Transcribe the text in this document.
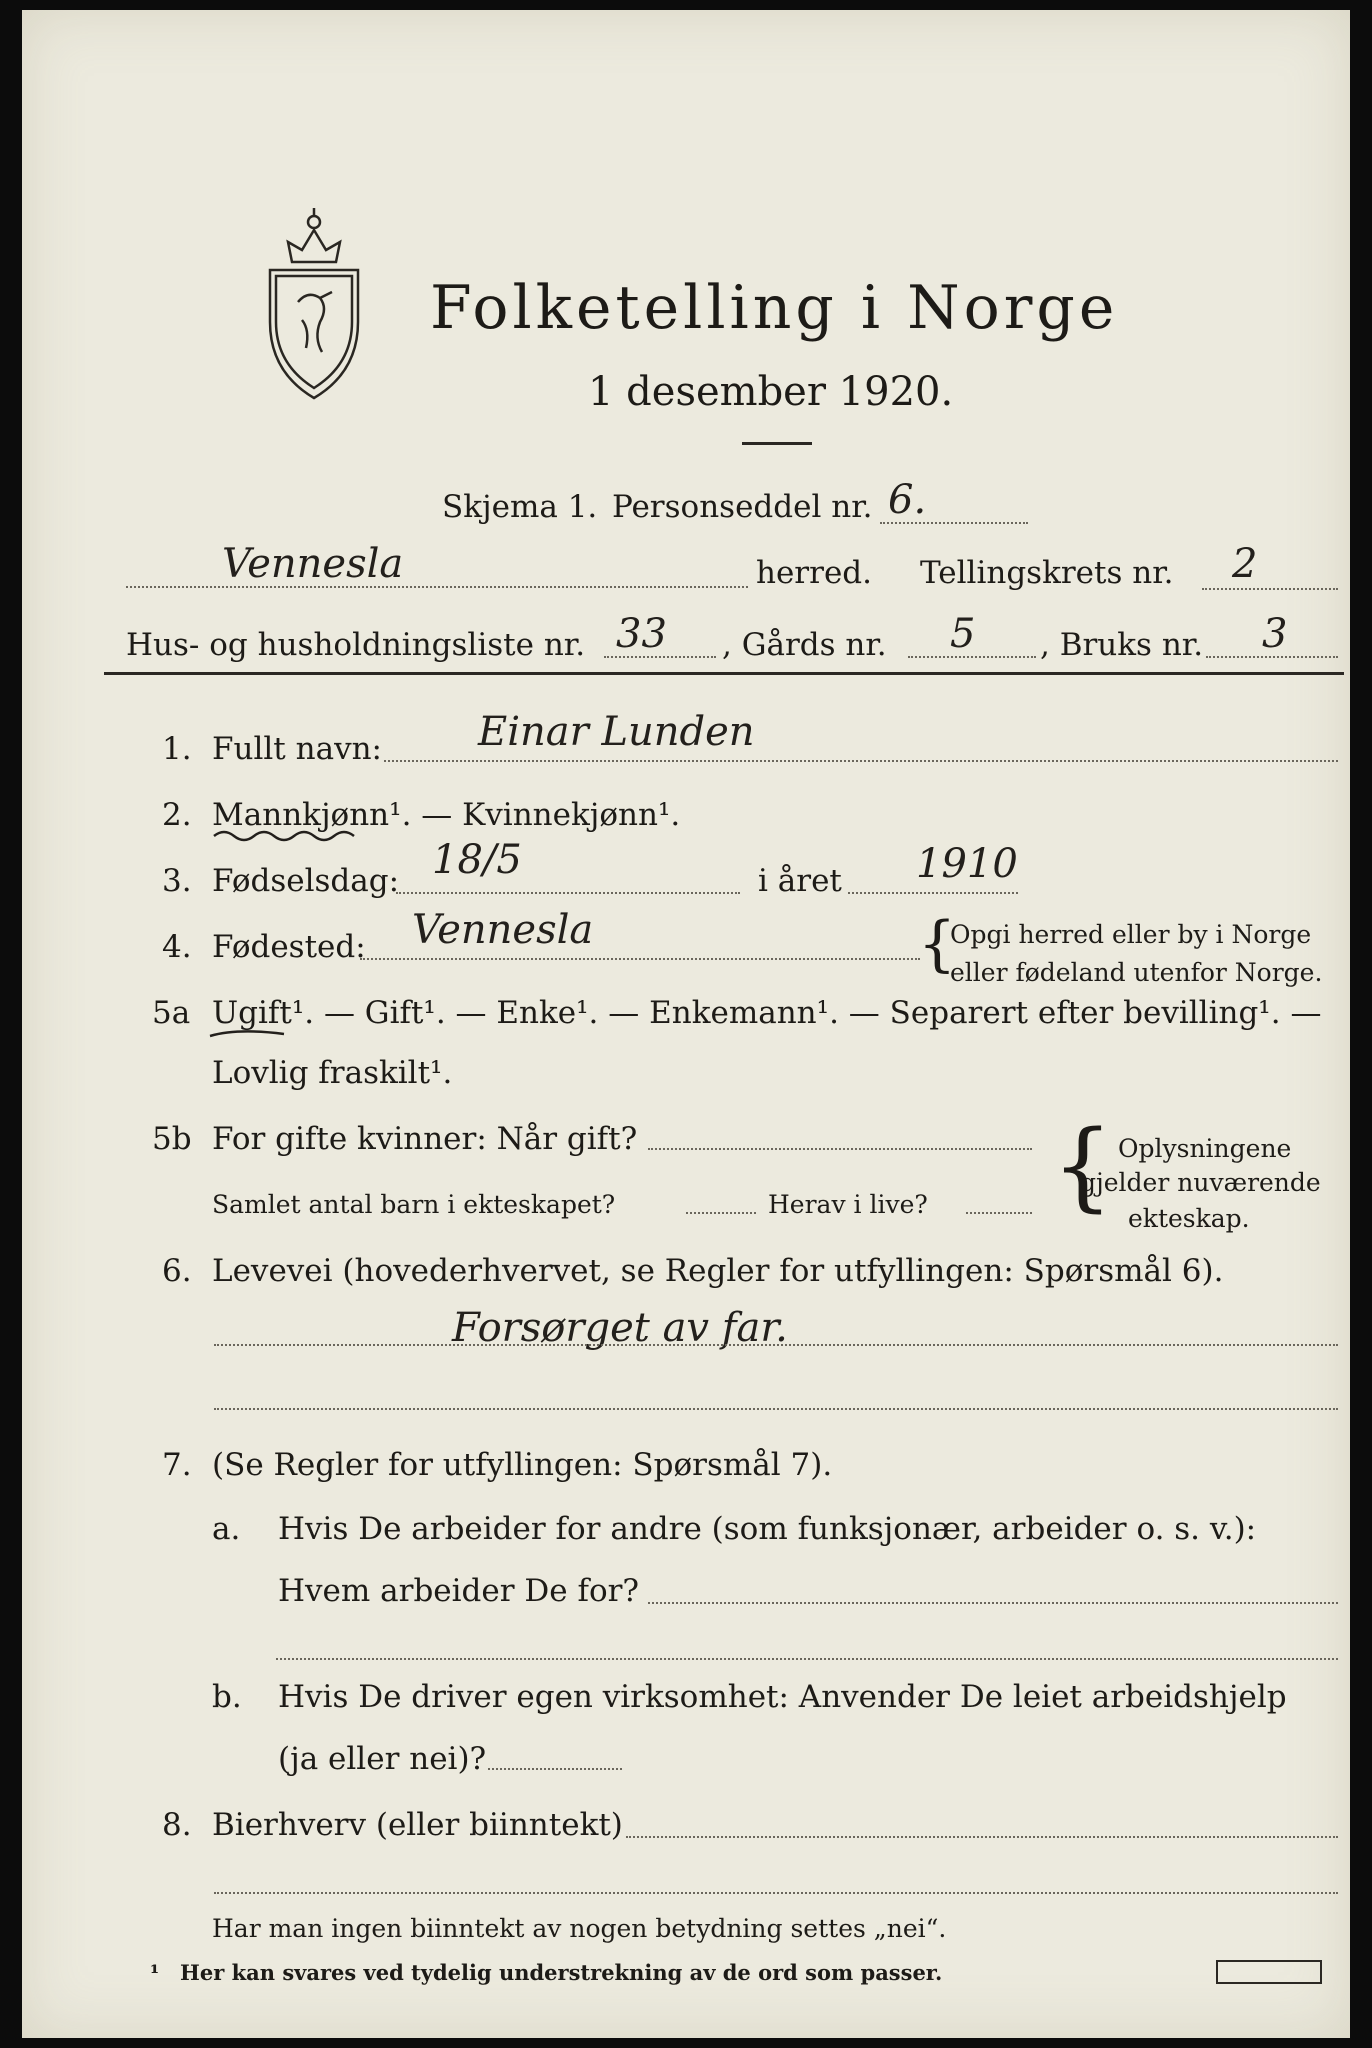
Folketelling i Norge
1 desember 1920.
Skjema 1. Personseddel nr. 6.
Vennesla	herred. Tellingskrets nr. 2
Hus- og husholdningsliste nr. 33 , Gårds nr. 5 , Bruks nr. 3
1. Fullt navn: Einar Lunden
2. Mannkjønn¹. — Kvinnekjønn¹.
3. Fødselsdag: 18/5	i året 1910
4. Fødested: Vennesla	{
Opgi herred eller by i Norge
eller fødeland utenfor Norge.
5a Ugift¹. — Gift¹. — Enke¹. — Enkemann¹. — Separert efter bevilling¹. —
Lovlig fraskilt¹.
5b For gifte kvinner: Når gift?
Samlet antal barn i ekteskapet?	Herav i live? { Oplysningene
gjelder nuværende
ekteskap.
6. Levevei (hovederhvervet, se Regler for utfyllingen: Spørsmål 6).
Forsørget av far.
7. (Se Regler for utfyllingen: Spørsmål 7).
a. Hvis De arbeider for andre (som funksjonær, arbeider o. s. v.):
Hvem arbeider De for?
b. Hvis De driver egen virksomhet: Anvender De leiet arbeidshjelp
(ja eller nei)?
8. Bierhverv (eller biinntekt)
Har man ingen biinntekt av nogen betydning settes „nei“.
¹ Her kan svares ved tydelig understrekning av de ord som passer.
